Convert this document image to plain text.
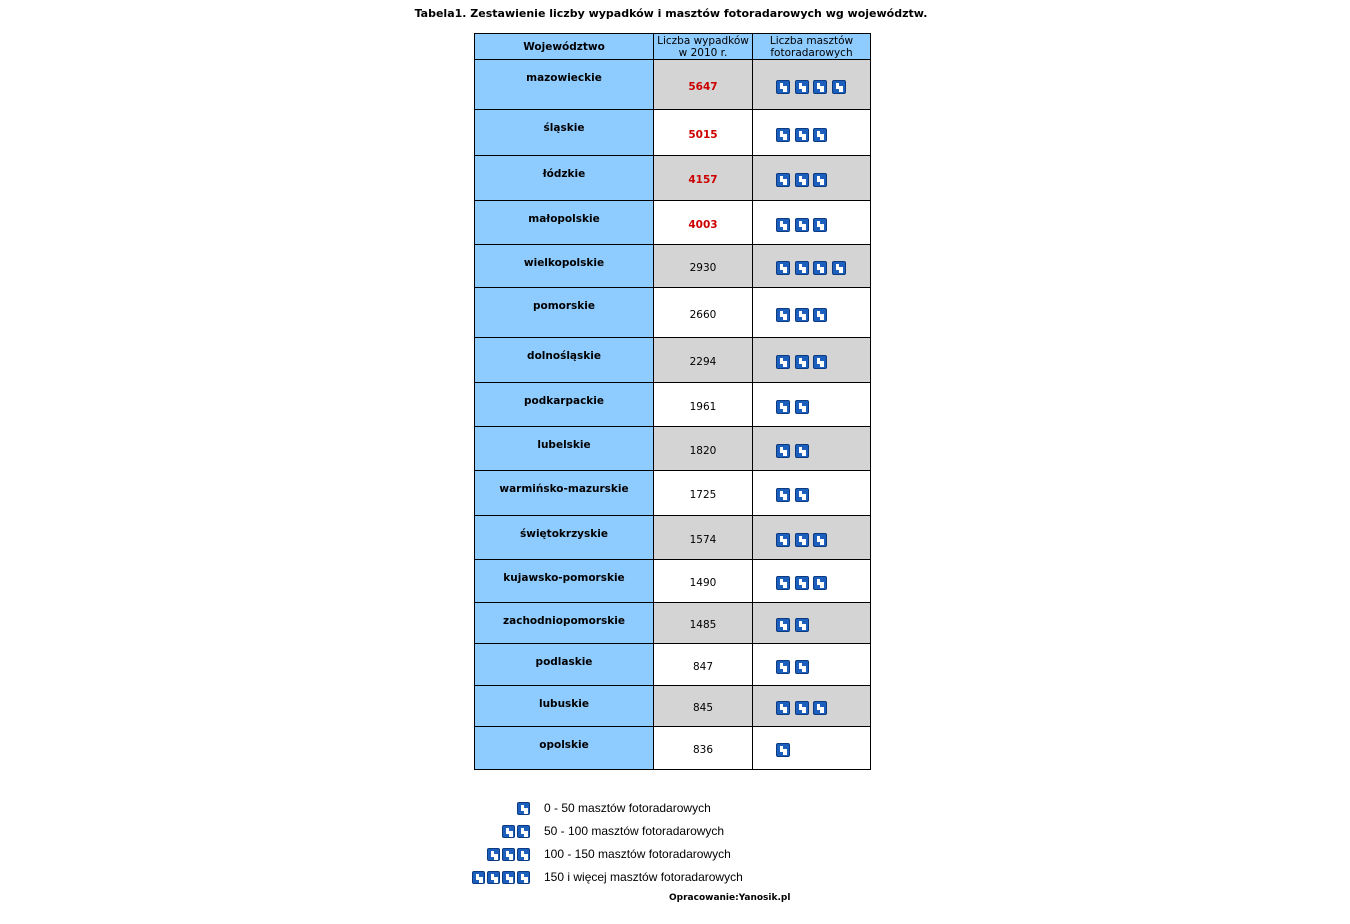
Tabela1. Zestawienie liczby wypadków i masztów fotoradarowych wg województw.
Województwo	Liczba wypadków w 2010 r.	Liczba masztów fotoradarowych
mazowieckie	5647	
śląskie	5015	
łódzkie	4157	
małopolskie	4003	
wielkopolskie	2930	
pomorskie	2660	
dolnośląskie	2294	
podkarpackie	1961	
lubelskie	1820	
warmińsko-mazurskie	1725	
świętokrzyskie	1574	
kujawsko-pomorskie	1490	
zachodniopomorskie	1485	
podlaskie	847	
lubuskie	845	
opolskie	836	
0 - 50 masztów fotoradarowych
50 - 100 masztów fotoradarowych
100 - 150 masztów fotoradarowych
150 i więcej masztów fotoradarowych
Opracowanie:Yanosik.pl
